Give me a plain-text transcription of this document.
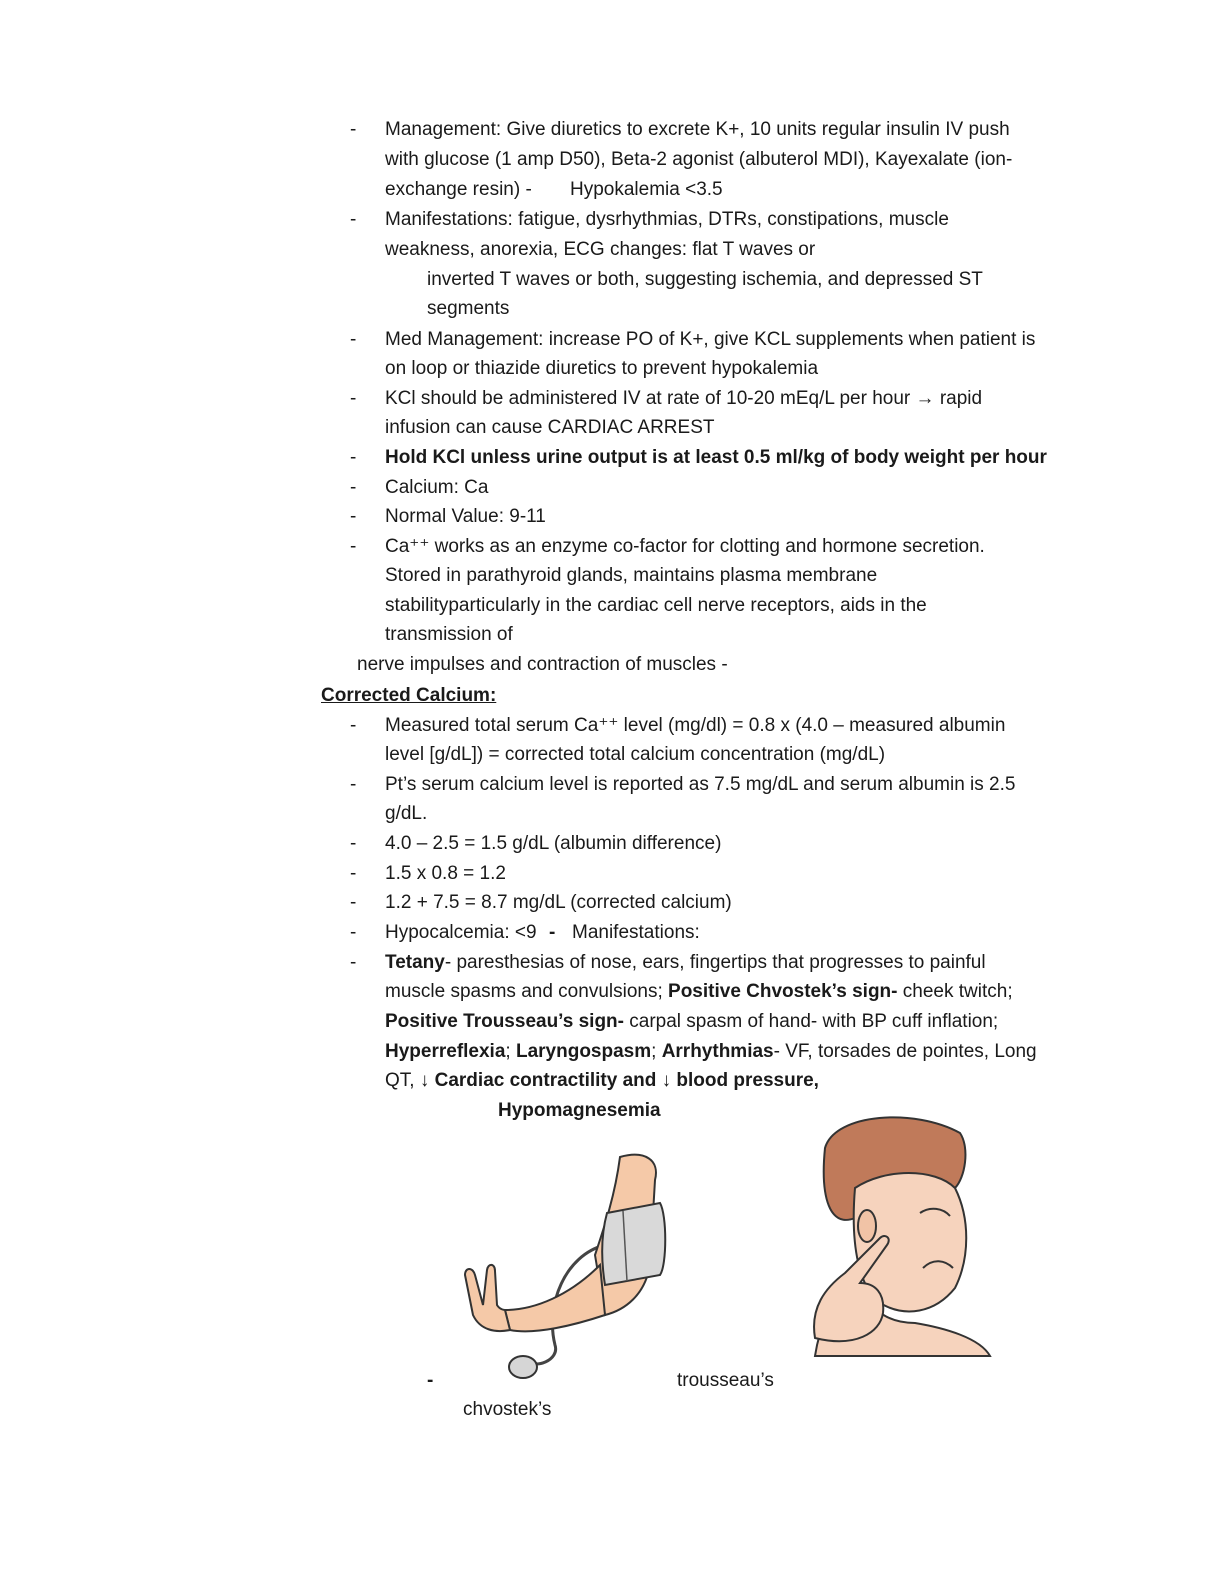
- Management: Give diuretics to excrete K+, 10 units regular insulin IV push
with glucose (1 amp D50), Beta-2 agonist (albuterol MDI), Kayexalate (ion-
exchange resin) - Hypokalemia <3.5
- Manifestations: fatigue, dysrhythmias, DTRs, constipations, muscle
weakness, anorexia, ECG changes: flat T waves or
inverted T waves or both, suggesting ischemia, and depressed ST
segments
- Med Management: increase PO of K+, give KCL supplements when patient is
on loop or thiazide diuretics to prevent hypokalemia
- KCl should be administered IV at rate of 10-20 mEq/L per hour → rapid
infusion can cause CARDIAC ARREST
- Hold KCl unless urine output is at least 0.5 ml/kg of body weight per hour
- Calcium: Ca
- Normal Value: 9-11
- Ca⁺⁺ works as an enzyme co-factor for clotting and hormone secretion.
Stored in parathyroid glands, maintains plasma membrane
stabilityparticularly in the cardiac cell nerve receptors, aids in the
transmission of
nerve impulses and contraction of muscles -
Corrected Calcium:
- Measured total serum Ca⁺⁺ level (mg/dl) = 0.8 x (4.0 – measured albumin
level [g/dL]) = corrected total calcium concentration (mg/dL)
- Pt’s serum calcium level is reported as 7.5 mg/dL and serum albumin is 2.5
g/dL.
- 4.0 – 2.5 = 1.5 g/dL (albumin difference)
- 1.5 x 0.8 = 1.2
- 1.2 + 7.5 = 8.7 mg/dL (corrected calcium)
- Hypocalcemia: <9 - Manifestations:
- Tetany- paresthesias of nose, ears, fingertips that progresses to painful
muscle spasms and convulsions; Positive Chvostek’s sign- cheek twitch;
Positive Trousseau’s sign- carpal spasm of hand- with BP cuff inflation;
Hyperreflexia; Laryngospasm; Arrhythmias- VF, torsades de pointes, Long
QT, ↓ Cardiac contractility and ↓ blood pressure,
Hypomagnesemia
-	trousseau’s
chvostek’s
